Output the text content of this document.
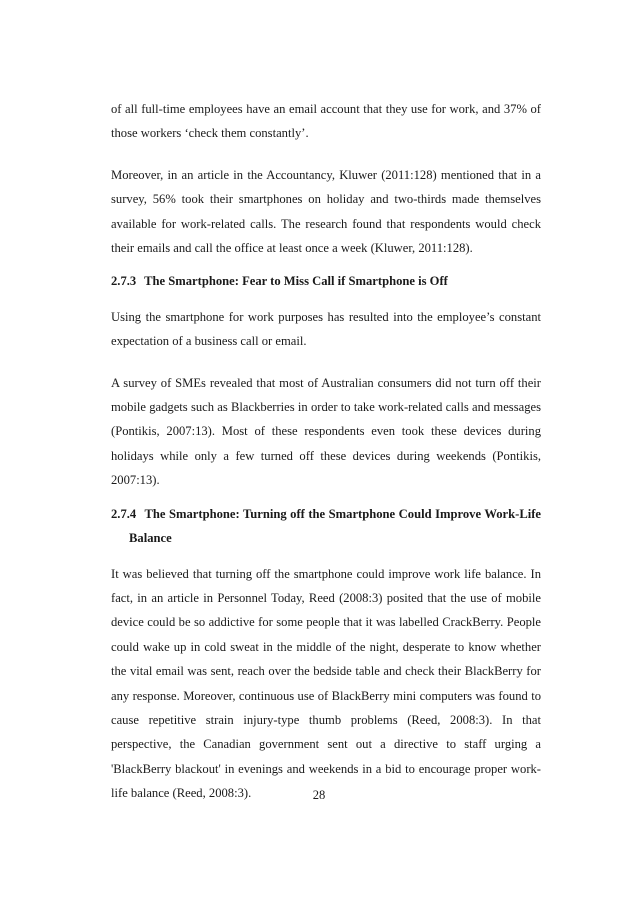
of all full-time employees have an email account that they use for work, and 37% of those workers ‘check them constantly’.

Moreover, in an article in the Accountancy, Kluwer (2011:128) mentioned that in a survey, 56% took their smartphones on holiday and two-thirds made themselves available for work-related calls. The research found that respondents would check their emails and call the office at least once a week (Kluwer, 2011:128).

2.7.3 The Smartphone: Fear to Miss Call if Smartphone is Off

Using the smartphone for work purposes has resulted into the employee’s constant expectation of a business call or email.

A survey of SMEs revealed that most of Australian consumers did not turn off their mobile gadgets such as Blackberries in order to take work-related calls and messages (Pontikis, 2007:13). Most of these respondents even took these devices during holidays while only a few turned off these devices during weekends (Pontikis, 2007:13).

2.7.4 The Smartphone: Turning off the Smartphone Could Improve Work-Life Balance

It was believed that turning off the smartphone could improve work life balance. In fact, in an article in Personnel Today, Reed (2008:3) posited that the use of mobile device could be so addictive for some people that it was labelled CrackBerry. People could wake up in cold sweat in the middle of the night, desperate to know whether the vital email was sent, reach over the bedside table and check their BlackBerry for any response. Moreover, continuous use of BlackBerry mini computers was found to cause repetitive strain injury-type thumb problems (Reed, 2008:3). In that perspective, the Canadian government sent out a directive to staff urging a 'BlackBerry blackout' in evenings and weekends in a bid to encourage proper work-life balance (Reed, 2008:3).	28
